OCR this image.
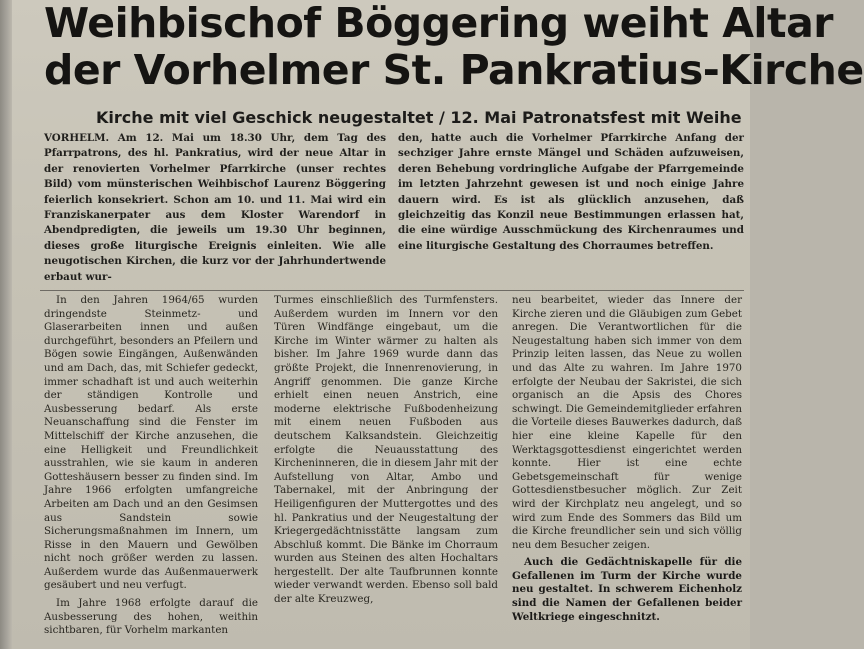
Weihbischof Böggering weiht Altar
der Vorhelmer St. Pankratius-Kirche
Kirche mit viel Geschick neugestaltet / 12. Mai Patronatsfest mit Weihe
VORHELM. Am 12. Mai um 18.30 Uhr, dem Tag des Pfarrpatrons, des hl. Pankratius, wird der neue Altar in der renovierten Vorhelmer Pfarrkirche (unser rechtes Bild) vom münsterischen Weihbischof Laurenz Böggering feierlich konsekriert. Schon am 10. und 11. Mai wird ein Franziskanerpater aus dem Kloster Warendorf in Abendpredigten, die jeweils um 19.30 Uhr beginnen, dieses große liturgische Ereignis einleiten. Wie alle neugotischen Kirchen, die kurz vor der Jahrhundertwende erbaut wur-
den, hatte auch die Vorhelmer Pfarrkirche Anfang der sechziger Jahre ernste Mängel und Schäden aufzuweisen, deren Behebung vordringliche Aufgabe der Pfarrgemeinde im letzten Jahrzehnt gewesen ist und noch einige Jahre dauern wird. Es ist als glücklich anzusehen, daß gleichzeitig das Konzil neue Bestimmungen erlassen hat, die eine würdige Ausschmückung des Kirchenraumes und eine liturgische Gestaltung des Chorraumes betreffen.

In den Jahren 1964/65 wurden dringendste Steinmetz- und Glaserarbeiten innen und außen durchgeführt, besonders an Pfeilern und Bögen sowie Eingängen, Außenwänden und am Dach, das, mit Schiefer gedeckt, immer schadhaft ist und auch weiterhin der ständigen Kontrolle und Ausbesserung bedarf. Als erste Neuanschaffung sind die Fenster im Mittelschiff der Kirche anzusehen, die eine Helligkeit und Freundlichkeit ausstrahlen, wie sie kaum in anderen Gotteshäusern besser zu finden sind. Im Jahre 1966 erfolgten umfangreiche Arbeiten am Dach und an den Gesimsen aus Sandstein sowie Sicherungsmaßnahmen im Innern, um Risse in den Mauern und Gewölben nicht noch größer werden zu lassen. Außerdem wurde das Außenmauerwerk gesäubert und neu verfugt.

Im Jahre 1968 erfolgte darauf die Ausbesserung des hohen, weithin sichtbaren, für Vorhelm markanten

Turmes einschließlich des Turmfensters. Außerdem wurden im Innern vor den Türen Windfänge eingebaut, um die Kirche im Winter wärmer zu halten als bisher. Im Jahre 1969 wurde dann das größte Projekt, die Innenrenovierung, in Angriff genommen. Die ganze Kirche erhielt einen neuen Anstrich, eine moderne elektrische Fußbodenheizung mit einem neuen Fußboden aus deutschem Kalksandstein. Gleichzeitig erfolgte die Neuausstattung des Kircheninneren, die in diesem Jahr mit der Aufstellung von Altar, Ambo und Tabernakel, mit der Anbringung der Heiligenfiguren der Muttergottes und des hl. Pankratius und der Neugestaltung der Kriegergedächtnisstätte langsam zum Abschluß kommt. Die Bänke im Chorraum wurden aus Steinen des alten Hochaltars hergestellt. Der alte Taufbrunnen konnte wieder verwandt werden. Ebenso soll bald der alte Kreuzweg,

neu bearbeitet, wieder das Innere der Kirche zieren und die Gläubigen zum Gebet anregen. Die Verantwortlichen für die Neugestaltung haben sich immer von dem Prinzip leiten lassen, das Neue zu wollen und das Alte zu wahren. Im Jahre 1970 erfolgte der Neubau der Sakristei, die sich organisch an die Apsis des Chores schwingt. Die Gemeindemitglieder erfahren die Vorteile dieses Bauwerkes dadurch, daß hier eine kleine Kapelle für den Werktagsgottesdienst eingerichtet werden konnte. Hier ist eine echte Gebetsgemeinschaft für wenige Gottesdienstbesucher möglich. Zur Zeit wird der Kirchplatz neu angelegt, und so wird zum Ende des Sommers das Bild um die Kirche freundlicher sein und sich völlig neu dem Besucher zeigen.

Auch die Gedächtniskapelle für die Gefallenen im Turm der Kirche wurde neu gestaltet. In schwerem Eichenholz sind die Namen der Gefallenen beider Weltkriege eingeschnitzt.
